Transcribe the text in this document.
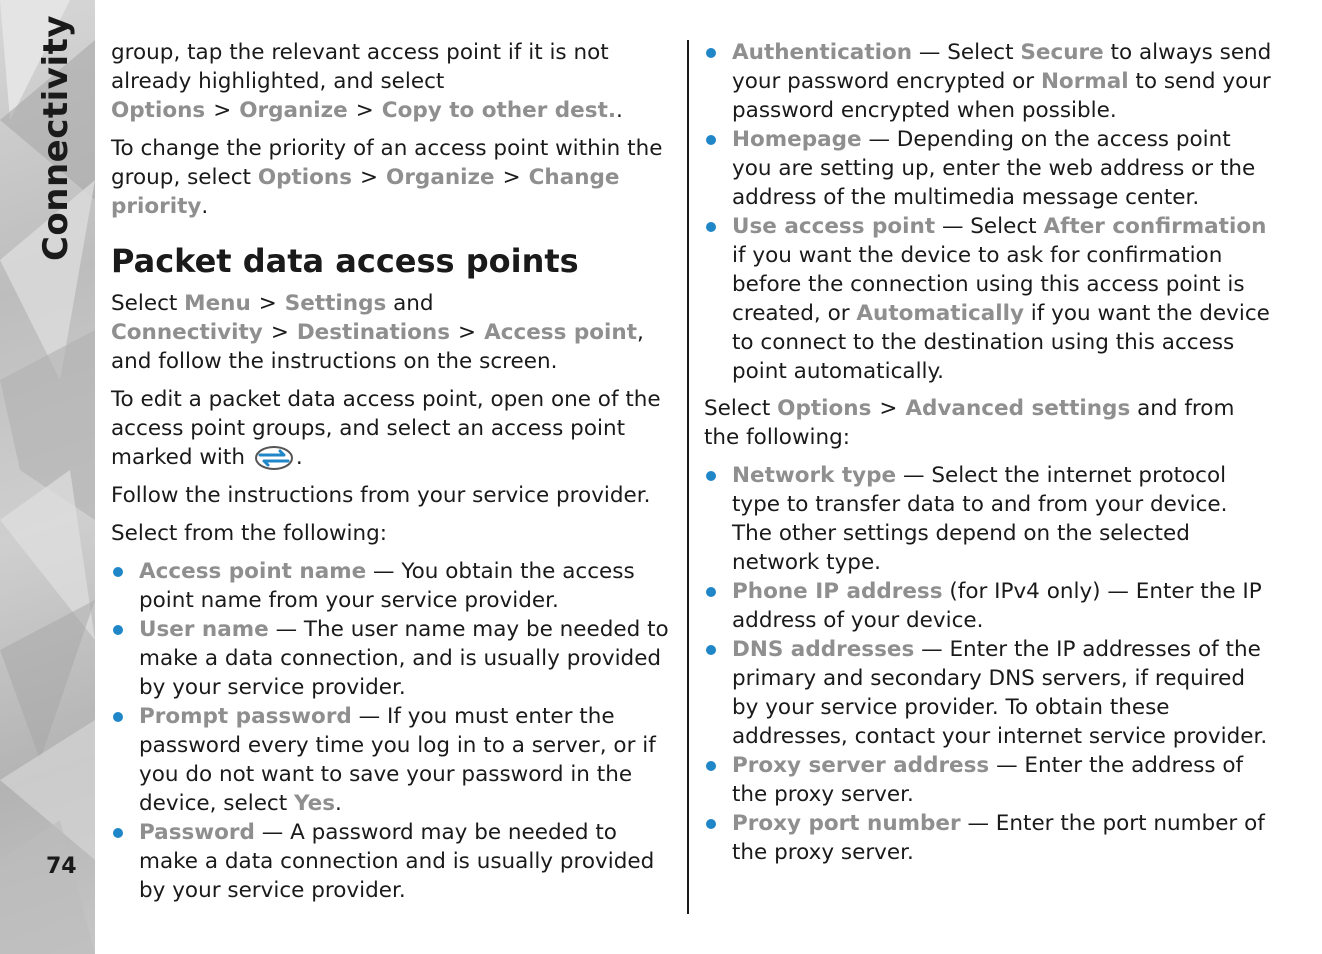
Connectivity
74

group, tap the relevant access point if it is not already highlighted, and select Options > Organize > Copy to other dest..

To change the priority of an access point within the group, select Options > Organize > Change priority.

Packet data access points

Select Menu > Settings and Connectivity > Destinations > Access point, and follow the instructions on the screen.

To edit a packet data access point, open one of the access point groups, and select an access point marked with .

Follow the instructions from your service provider.

Select from the following:

Access point name — You obtain the access point name from your service provider.
User name — The user name may be needed to make a data connection, and is usually provided by your service provider.
Prompt password — If you must enter the password every time you log in to a server, or if you do not want to save your password in the device, select Yes.
Password — A password may be needed to make a data connection and is usually provided by your service provider.
Authentication — Select Secure to always send your password encrypted or Normal to send your password encrypted when possible.
Homepage — Depending on the access point you are setting up, enter the web address or the address of the multimedia message center.
Use access point — Select After confirmation if you want the device to ask for confirmation before the connection using this access point is created, or Automatically if you want the device to connect to the destination using this access point automatically.

Select Options > Advanced settings and from the following:

Network type — Select the internet protocol type to transfer data to and from your device. The other settings depend on the selected network type.
Phone IP address (for IPv4 only) — Enter the IP address of your device.
DNS addresses — Enter the IP addresses of the primary and secondary DNS servers, if required by your service provider. To obtain these addresses, contact your internet service provider.
Proxy server address — Enter the address of the proxy server.
Proxy port number — Enter the port number of the proxy server.
